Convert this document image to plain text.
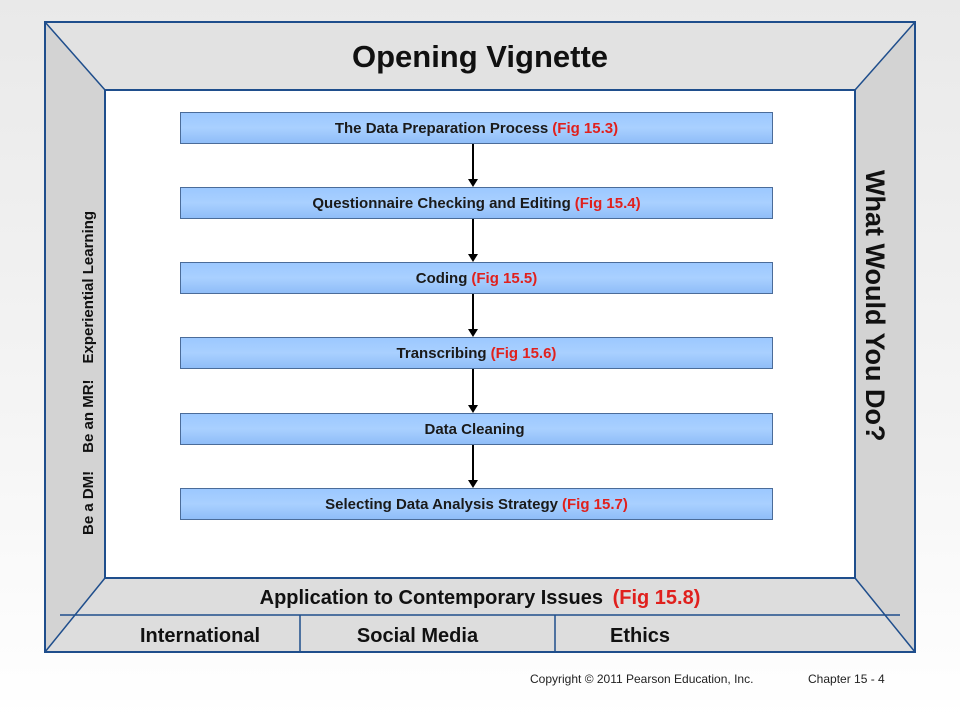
Opening Vignette
The Data Preparation Process (Fig 15.3)
Questionnaire Checking and Editing (Fig 15.4)
Coding (Fig 15.5)
Transcribing (Fig 15.6)
Data Cleaning
Selecting Data Analysis Strategy (Fig 15.7)
Be a DM!
Be an MR!
Experiential Learning	What Would You Do?
Application to Contemporary Issues (Fig 15.8)
International	Social Media	Ethics
Copyright © 2011 Pearson Education, Inc.	Chapter 15 - 4
